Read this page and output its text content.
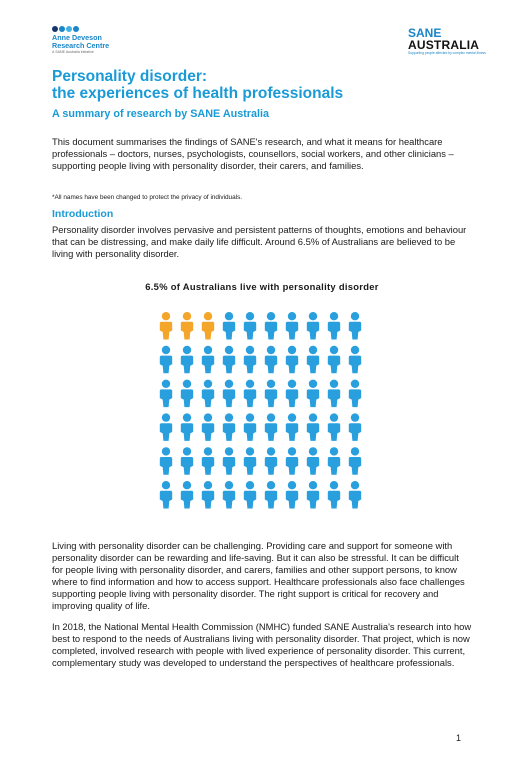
Anne Deveson
Research Centre
A SANE Australia initiative
SANE
AUSTRALIA
Supporting people affected by complex mental illness
Personality disorder:
the experiences of health professionals
A summary of research by SANE Australia

This document summarises the findings of SANE's research, and what it means for healthcare professionals – doctors, nurses, psychologists, counsellors, social workers, and other clinicians – supporting people living with personality disorder, their carers, and families.

*All names have been changed to protect the privacy of individuals.
Introduction

Personality disorder involves pervasive and persistent patterns of thoughts, emotions and behaviour that can be distressing, and make daily life difficult. Around 6.5% of Australians are believed to be living with personality disorder.

6.5% of Australians live with personality disorder

Living with personality disorder can be challenging. Providing care and support for someone with personality disorder can be rewarding and life-saving. But it can also be stressful. It can be difficult for people living with personality disorder, and carers, families and other support persons, to know where to find information and how to access support. Healthcare professionals also face challenges supporting people living with personality disorder. The right support is critical for recovery and improving quality of life.

In 2018, the National Mental Health Commission (NMHC) funded SANE Australia's research into how best to respond to the needs of Australians living with personality disorder. That project, which is now completed, involved research with people with lived experience of personality disorder. This current, complementary study was developed to understand the perspectives of healthcare professionals.

1
